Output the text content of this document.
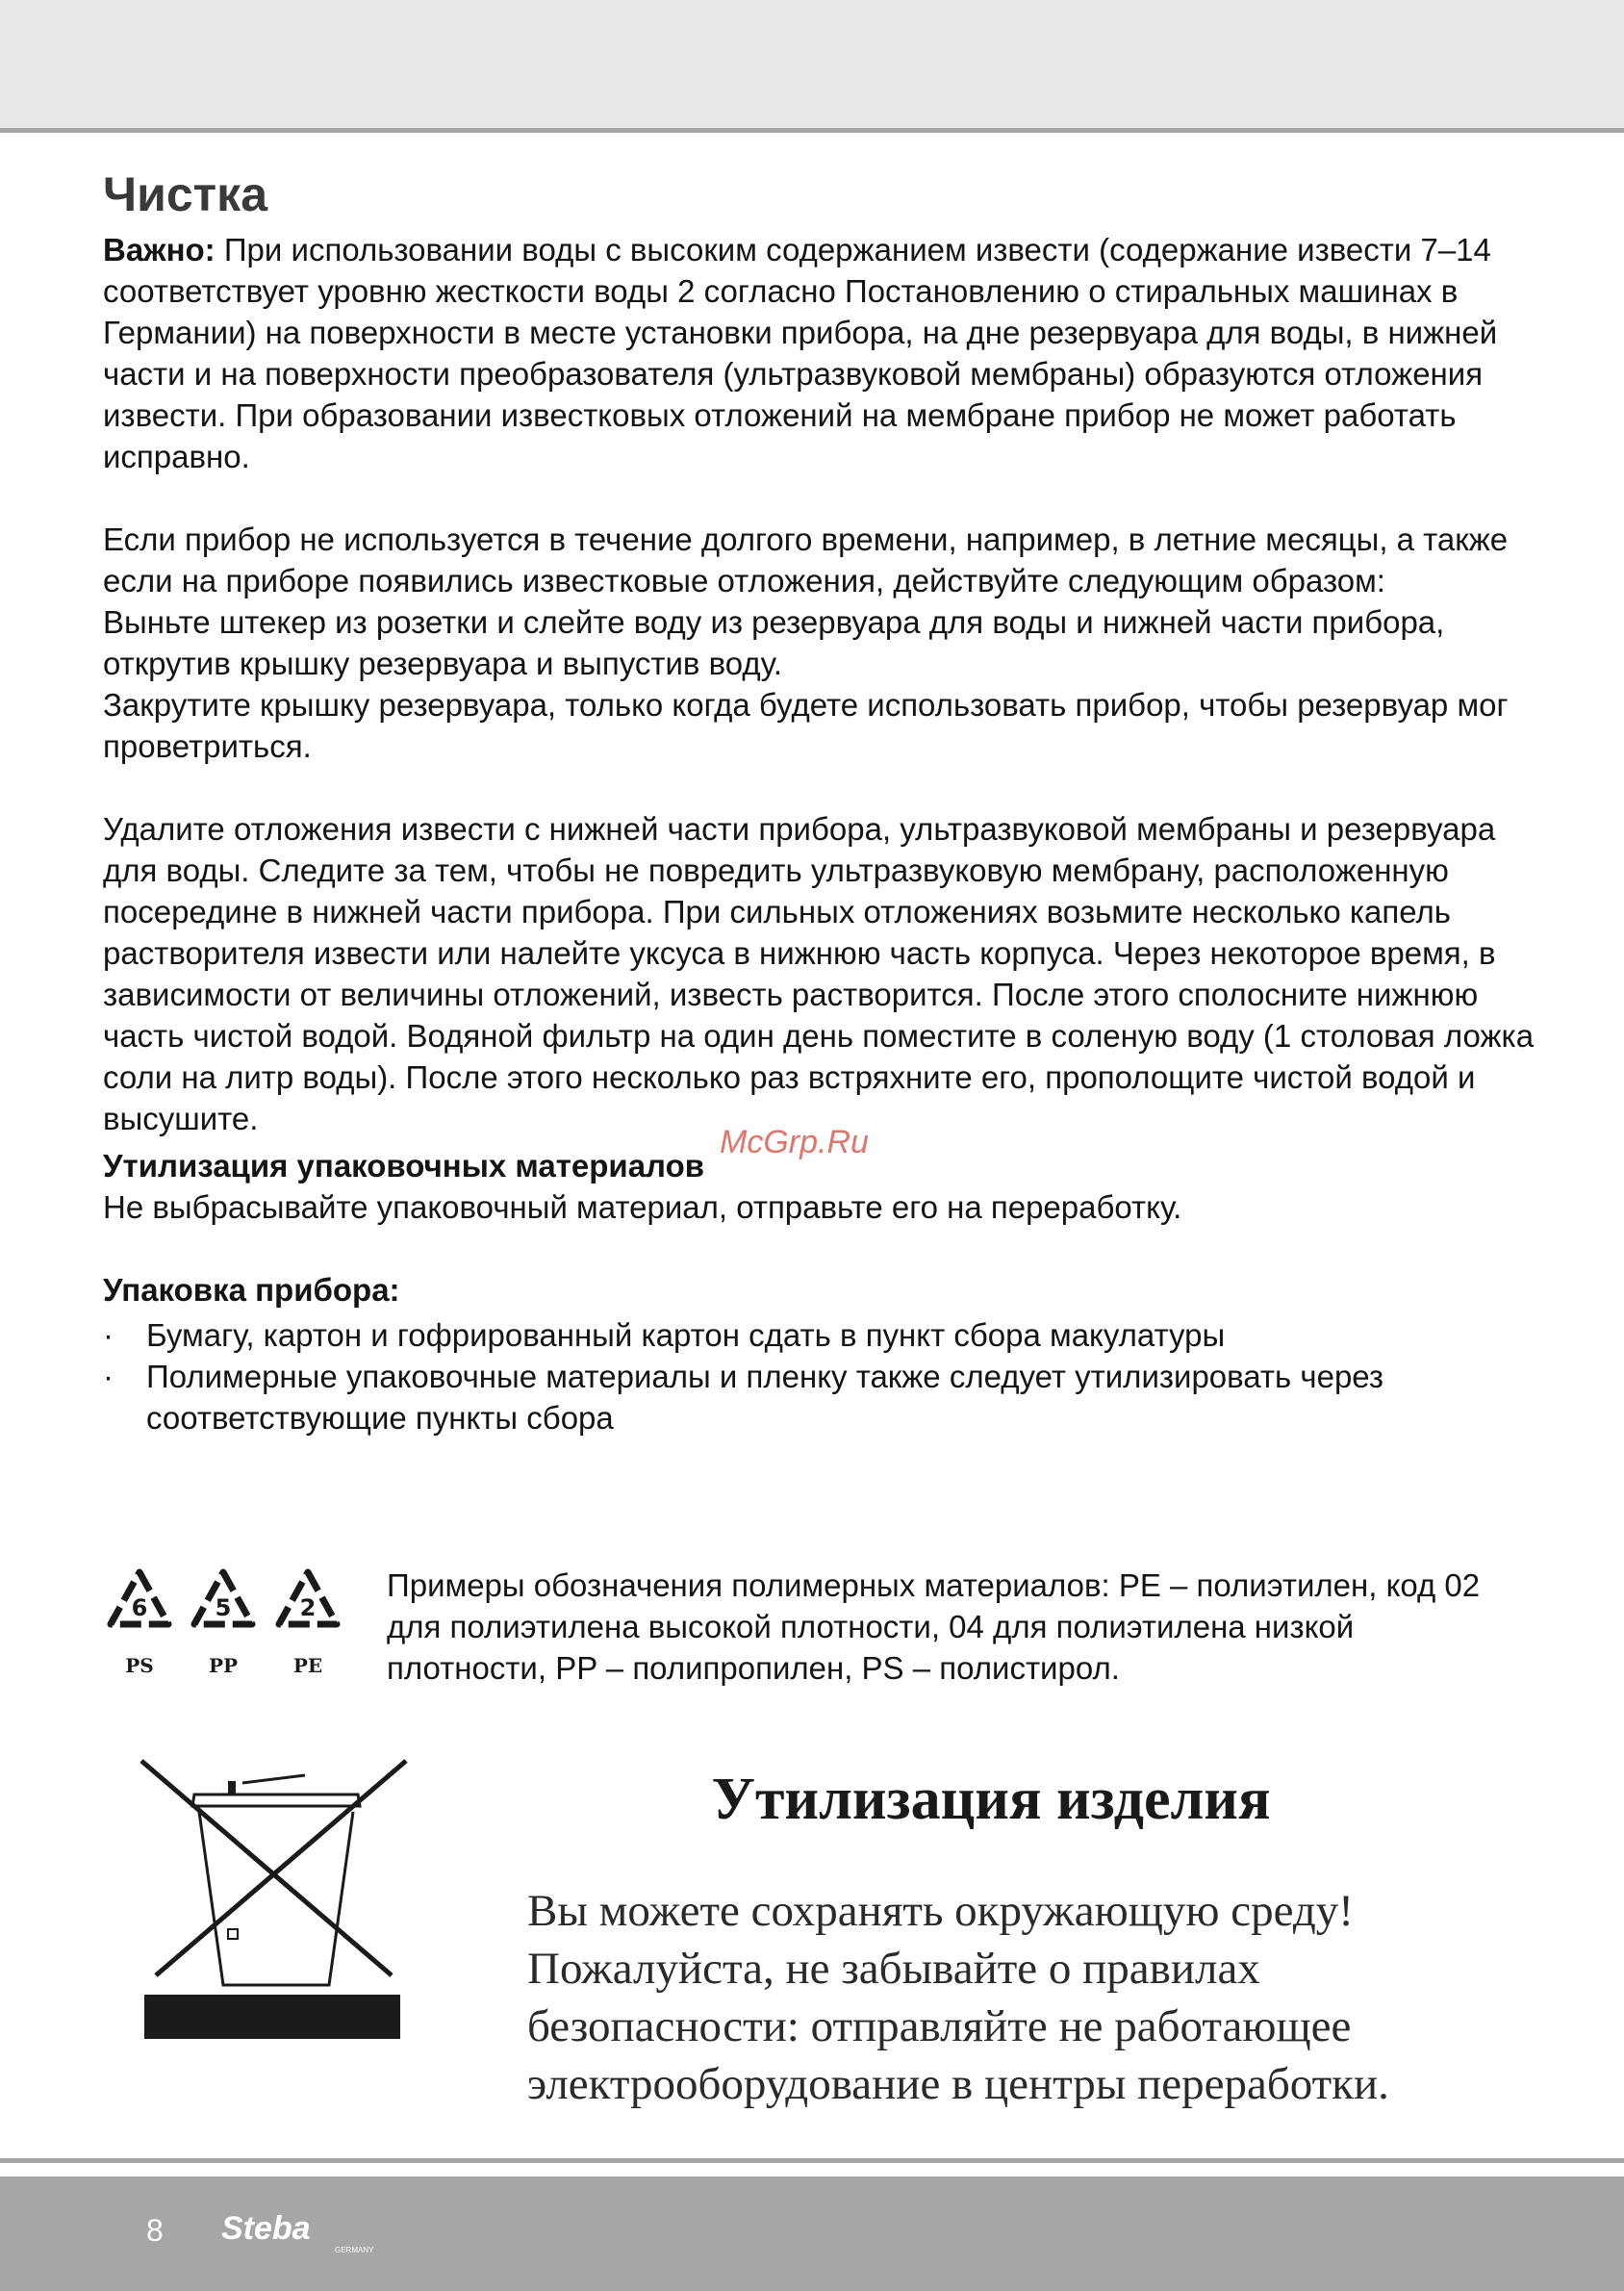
Чистка

Важно: При использовании воды с высоким содержанием извести (содержание извести 7‒14 соответствует уровню жесткости воды 2 согласно Постановлению о стиральных машинах в Германии) на поверхности в месте установки прибора, на дне резервуара для воды, в нижней части и на поверхности преобразователя (ультразвуковой мембраны) образуются отложения извести. При образовании известковых отложений на мембране прибор не может работать исправно.

Если прибор не используется в течение долгого времени, например, в летние месяцы, а также если на приборе появились известковые отложения, действуйте следующим образом:

Выньте штекер из розетки и слейте воду из резервуара для воды и нижней части прибора, открутив крышку резервуара и выпустив воду.

Закрутите крышку резервуара, только когда будете использовать прибор, чтобы резервуар мог проветриться.

Удалите отложения извести с нижней части прибора, ультразвуковой мембраны и резервуара для воды. Следите за тем, чтобы не повредить ультразвуковую мембрану, расположенную посередине в нижней части прибора. При сильных отложениях возьмите несколько капель растворителя извести или налейте уксуса в нижнюю часть корпуса. Через некоторое время, в зависимости от величины отложений, известь растворится. После этого сполосните нижнюю часть чистой водой. Водяной фильтр на один день поместите в соленую воду (1 столовая ложка соли на литр воды). После этого несколько раз встряхните его, прополощите чистой водой и высушите.

Утилизация упаковочных материалов

Не выбрасывайте упаковочный материал, отправьте его на переработку.

Упаковка прибора:
·	Бумагу, картон и гофрированный картон сдать в пункт сбора макулатуры
·	Полимерные упаковочные материалы и пленку также следует утилизировать через соответствующие пункты сбора
6
PS
5
PP
2
PE
Примеры обозначения полимерных материалов: PE – полиэтилен, код 02 для полиэтилена высокой плотности, 04 для полиэтилена низкой плотности, PP – полипропилен, PS – полистирол.
Утилизация изделия
Вы можете сохранять окружающую среду!
Пожалуйста, не забывайте о правилах
безопасности: отправляйте не работающее
электрооборудование в центры переработки.
McGrp.Ru
8 Steba
GERMANY
